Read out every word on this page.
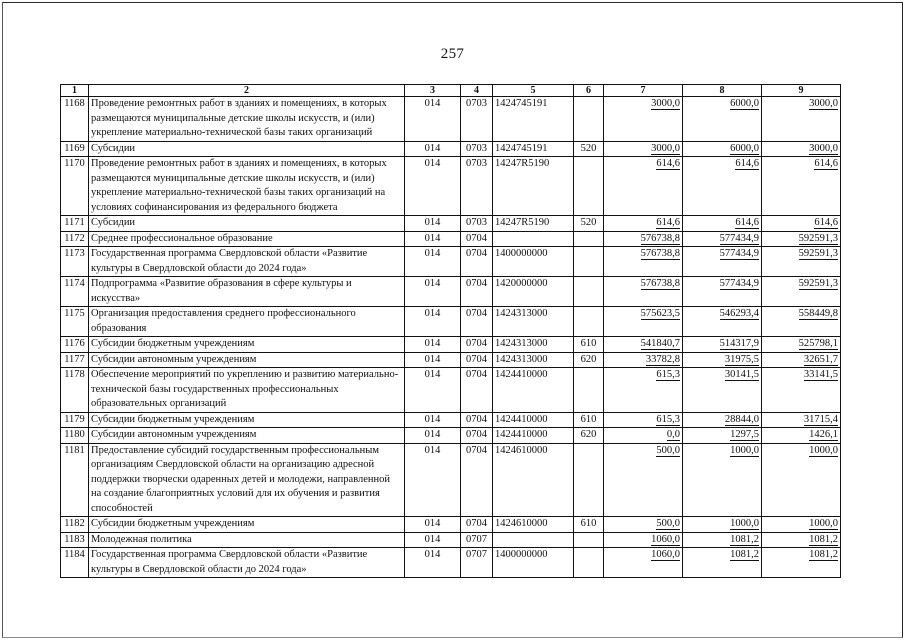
257
1	2	3	4	5	6	7	8	9
1168	Проведение ремонтных работ в зданиях и помещениях, в которых размещаются муниципальные детские школы искусств, и (или) укрепление материально-технической базы таких организаций	014	0703	1424745191		3000,0	6000,0	3000,0
1169	Субсидии	014	0703	1424745191	520	3000,0	6000,0	3000,0
1170	Проведение ремонтных работ в зданиях и помещениях, в которых размещаются муниципальные детские школы искусств, и (или) укрепление материально-технической базы таких организаций на условиях софинансирования из федерального бюджета	014	0703	14247R5190		614,6	614,6	614,6
1171	Субсидии	014	0703	14247R5190	520	614,6	614,6	614,6
1172	Среднее профессиональное образование	014	0704			576738,8	577434,9	592591,3
1173	Государственная программа Свердловской области «Развитие культуры в Свердловской области до 2024 года»	014	0704	1400000000		576738,8	577434,9	592591,3
1174	Подпрограмма «Развитие образования в сфере культуры и искусства»	014	0704	1420000000		576738,8	577434,9	592591,3
1175	Организация предоставления среднего профессионального образования	014	0704	1424313000		575623,5	546293,4	558449,8
1176	Субсидии бюджетным учреждениям	014	0704	1424313000	610	541840,7	514317,9	525798,1
1177	Субсидии автономным учреждениям	014	0704	1424313000	620	33782,8	31975,5	32651,7
1178	Обеспечение мероприятий по укреплению и развитию материально-технической базы государственных профессиональных образовательных организаций	014	0704	1424410000		615,3	30141,5	33141,5
1179	Субсидии бюджетным учреждениям	014	0704	1424410000	610	615,3	28844,0	31715,4
1180	Субсидии автономным учреждениям	014	0704	1424410000	620	0,0	1297,5	1426,1
1181	Предоставление субсидий государственным профессиональным организациям Свердловской области на организацию адресной поддержки творчески одаренных детей и молодежи, направленной на создание благоприятных условий для их обучения и развития способностей	014	0704	1424610000		500,0	1000,0	1000,0
1182	Субсидии бюджетным учреждениям	014	0704	1424610000	610	500,0	1000,0	1000,0
1183	Молодежная политика	014	0707			1060,0	1081,2	1081,2
1184	Государственная программа Свердловской области «Развитие культуры в Свердловской области до 2024 года»	014	0707	1400000000		1060,0	1081,2	1081,2
